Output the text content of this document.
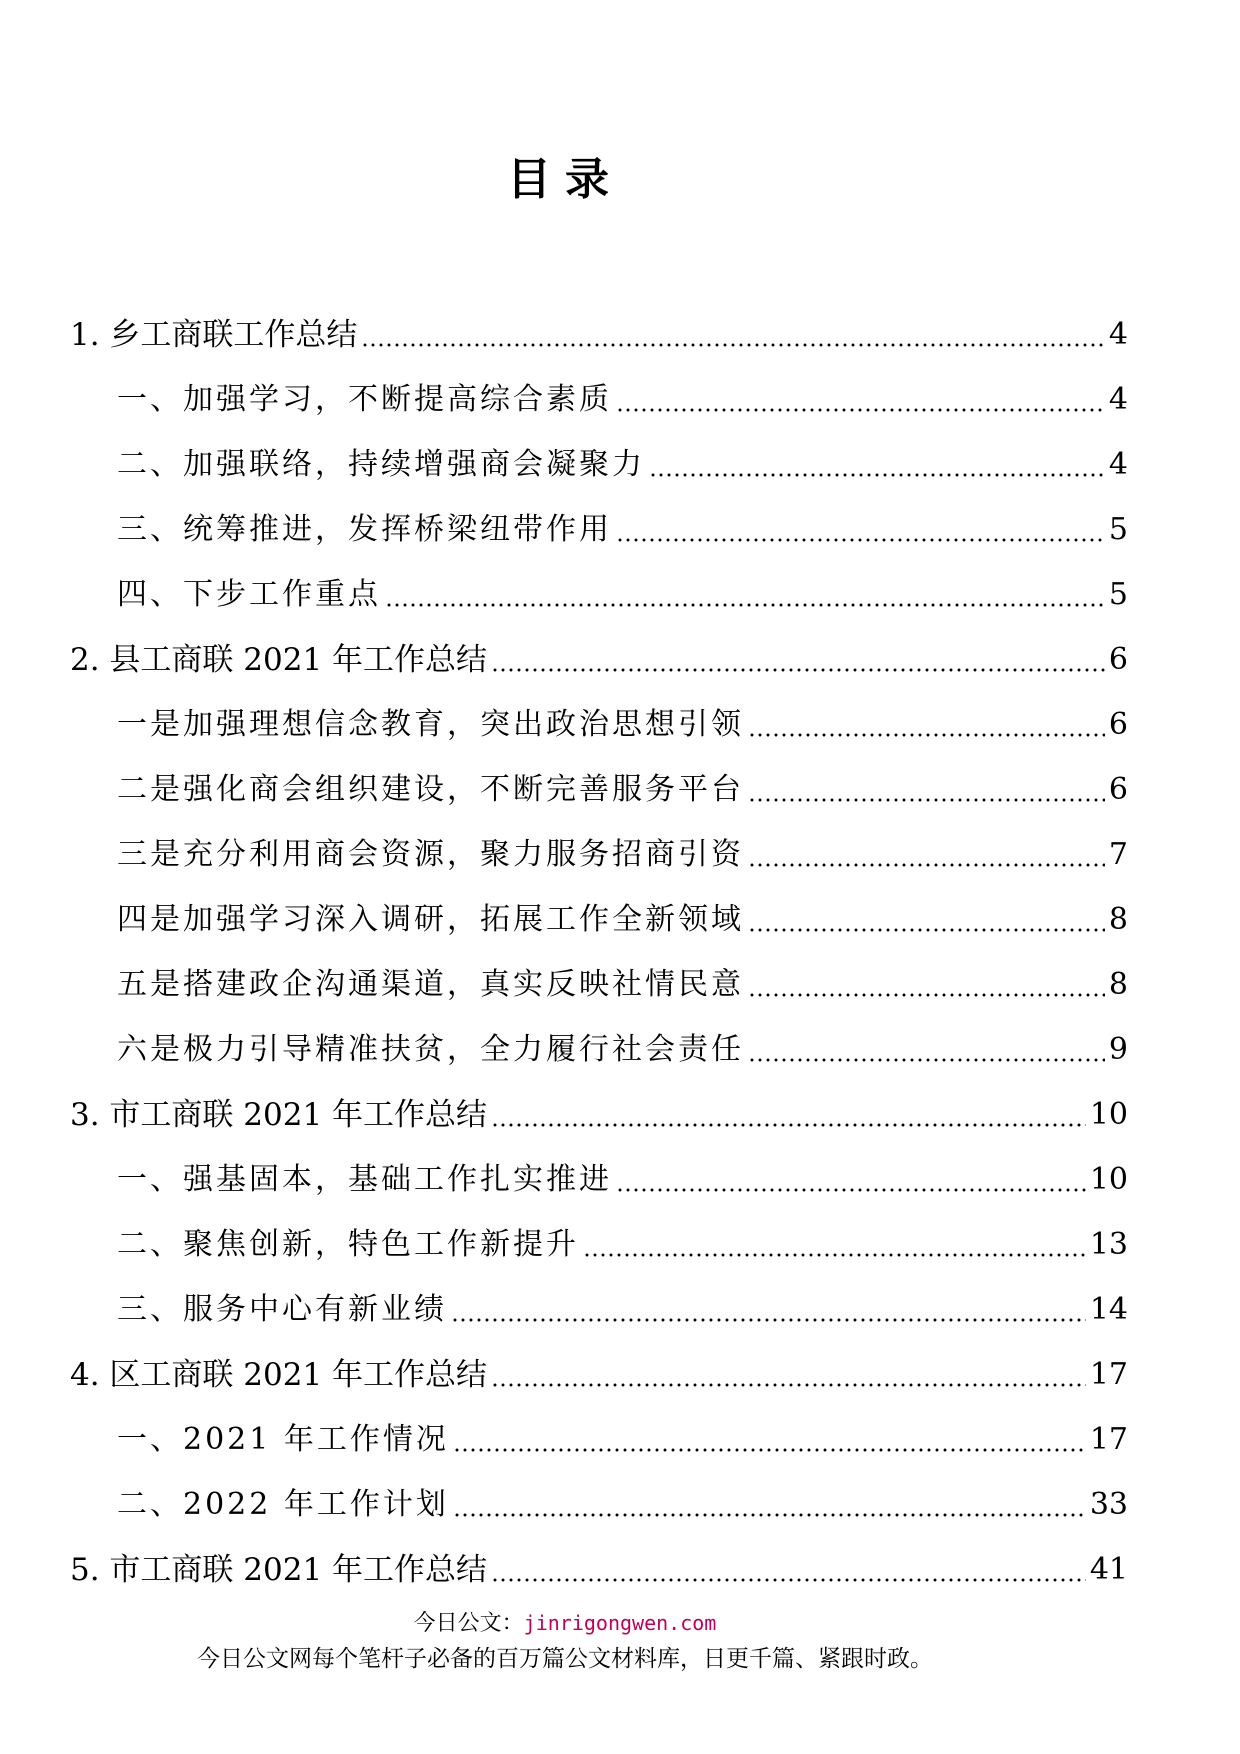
目录
1. 乡工商联工作总结	4
一、加强学习，不断提高综合素质	4
二、加强联络，持续增强商会凝聚力	4
三、统筹推进，发挥桥梁纽带作用	5
四、下步工作重点	5
2. 县工商联 2021 年工作总结	6
一是加强理想信念教育，突出政治思想引领	6
二是强化商会组织建设，不断完善服务平台	6
三是充分利用商会资源，聚力服务招商引资	7
四是加强学习深入调研，拓展工作全新领域	8
五是搭建政企沟通渠道，真实反映社情民意	8
六是极力引导精准扶贫，全力履行社会责任	9
3. 市工商联 2021 年工作总结	10
一、强基固本，基础工作扎实推进	10
二、聚焦创新，特色工作新提升	13
三、服务中心有新业绩	14
4. 区工商联 2021 年工作总结	17
一、2021 年工作情况	17
二、2022 年工作计划	33
5. 市工商联 2021 年工作总结	41
今日公文：jinrigongwen.com
今日公文网每个笔杆子必备的百万篇公文材料库，日更千篇、紧跟时政。
